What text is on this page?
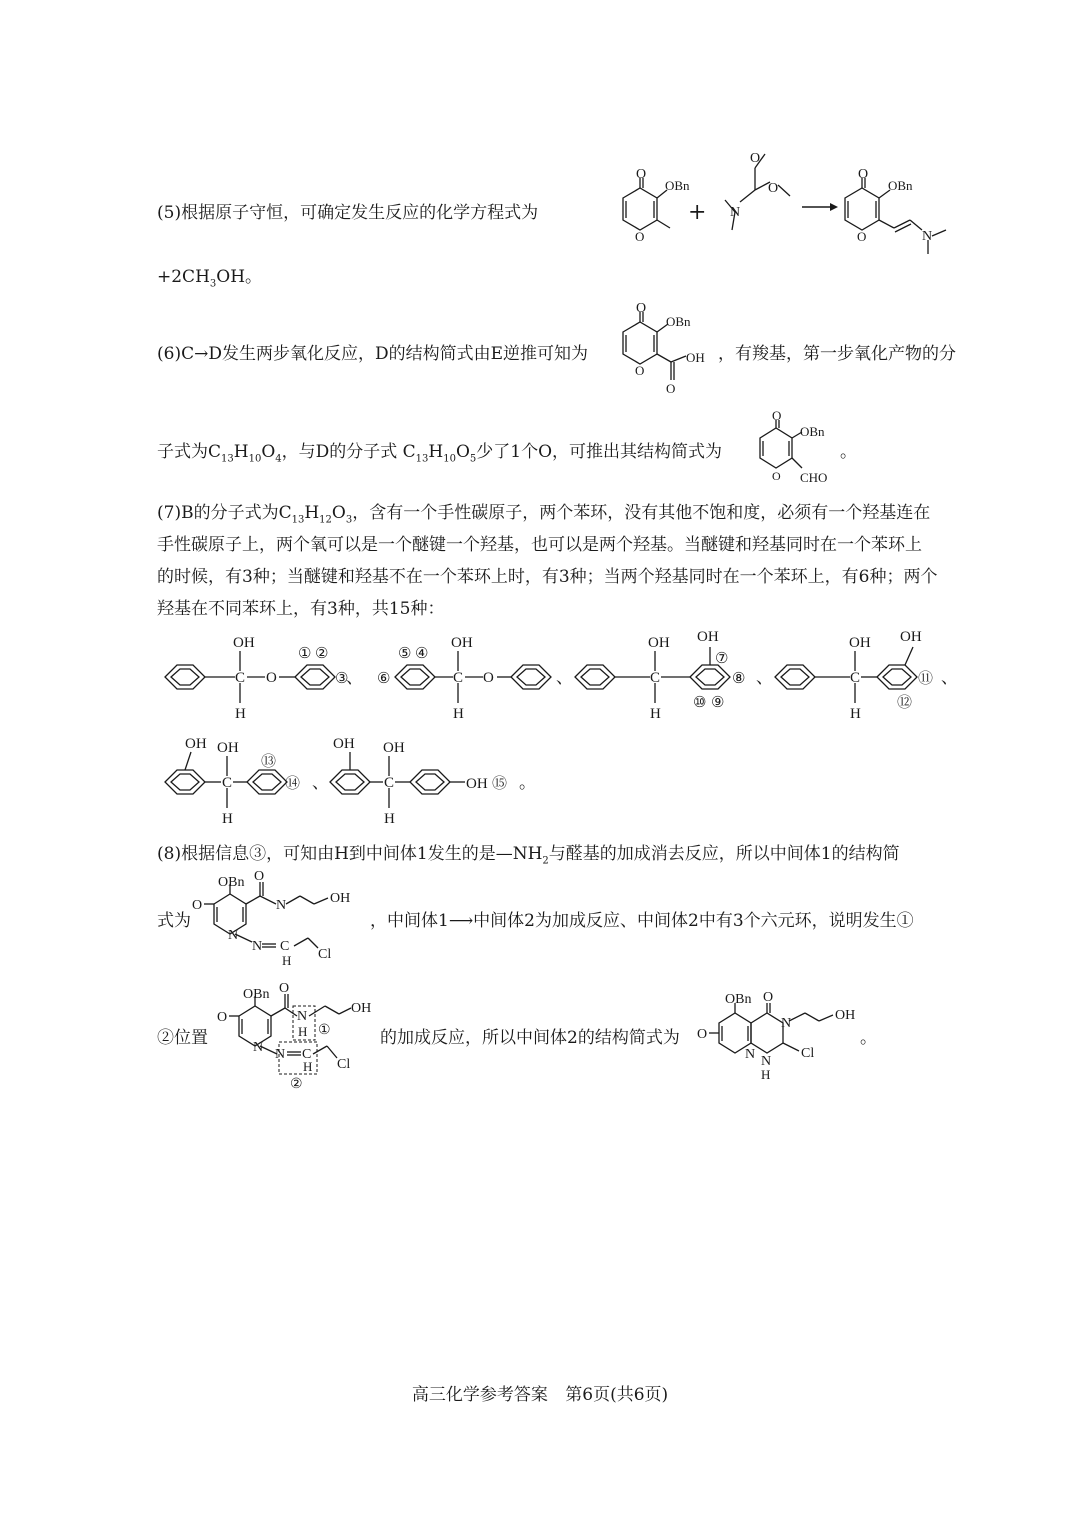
(5)根据原子守恒，可确定发生反应的化学方程式为
O
OBn
O
+
O
O
N
O
OBn
O	N
$+2CH_3OH$。
(6)C→D发生两步氧化反应，D的结构简式由E逆推可知为
O
OBn
O
OH
O
，有羧基，第一步氧化产物的分
子式为$C_{13}H_{10}O_4$，与D的分子式 $C_{13}H_{10}O_5$少了1个O，可推出其结构简式为
O
OBn
O CHO
。
(7)B的分子式为$C_{13}H_{12}O_3$，含有一个手性碳原子，两个苯环，没有其他不饱和度，必须有一个羟基连在
手性碳原子上，两个氧可以是一个醚键一个羟基，也可以是两个羟基。当醚键和羟基同时在一个苯环上
的时候，有3种；当醚键和羟基不在一个苯环上时，有3种；当两个羟基同时在一个苯环上，有6种；两个
羟基在不同苯环上，有3种，共15种：
OH
C
H
O
① ②
③
、
⑤ ④
⑥
OH
C
H
O	、
OH
C
H
OH
⑦
⑧
⑩ ⑨
、
OH
C
H
OH
⑪
⑫
、
OH OH
C
H
⑬
⑭ 、
OH OH
C
H
OH ⑮ 。
(8)根据信息③，可知由H到中间体1发生的是$—NH_2$与醛基的加成消去反应，所以中间体1的结构简
式为
OBn
O
O
N	OH
N
N C
H Cl
，中间体1⟶中间体2为加成反应、中间体2中有3个六元环，说明发生①
②位置
OBn
O
O
N
H ①
OH
N N C
H Cl
②
的加成反应，所以中间体2的结构简式为
OBn
O
O
N
OH
N N
H
Cl
。
高三化学参考答案 第6页(共6页)
